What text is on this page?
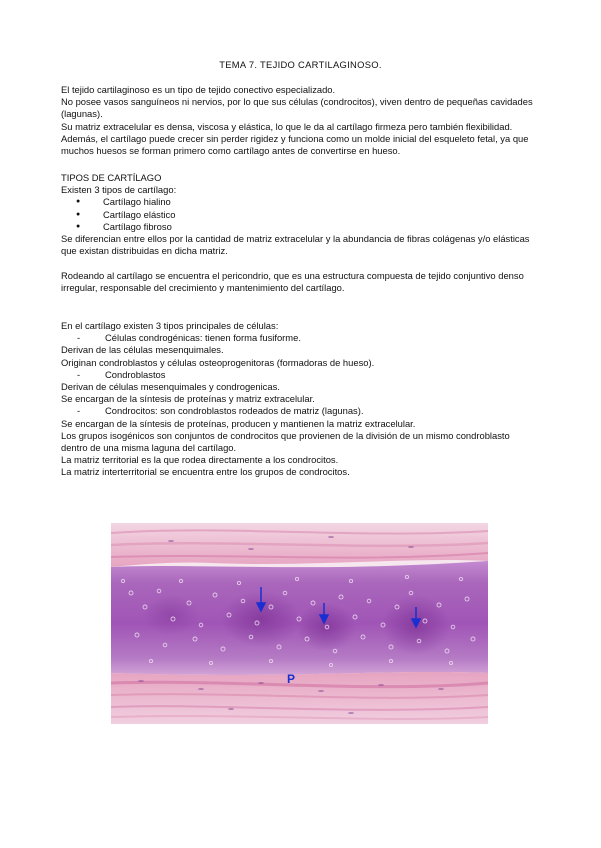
TEMA 7. TEJIDO CARTILAGINOSO.

El tejido cartilaginoso es un tipo de tejido conectivo especializado.

No posee vasos sanguíneos ni nervios, por lo que sus células (condrocitos), viven dentro de pequeñas cavidades

(lagunas).

Su matriz extracelular es densa, viscosa y elástica, lo que le da al cartílago firmeza pero también flexibilidad.

Además, el cartílago puede crecer sin perder rigidez y funciona como un molde inicial del esqueleto fetal, ya que

muchos huesos se forman primero como cartílago antes de convertirse en hueso.

TIPOS DE CARTÍLAGO

Existen 3 tipos de cartílago:

● Cartílago hialino
● Cartílago elástico
● Cartílago fibroso

Se diferencian entre ellos por la cantidad de matriz extracelular y la abundancia de fibras colágenas y/o elásticas

que existan distribuidas en dicha matriz.

Rodeando al cartílago se encuentra el pericondrio, que es una estructura compuesta de tejido conjuntivo denso

irregular, responsable del crecimiento y mantenimiento del cartílago.

En el cartílago existen 3 tipos principales de células:

- Células condrogénicas: tienen forma fusiforme.

Derivan de las células mesenquimales.

Originan condroblastos y células osteoprogenitoras (formadoras de hueso).

- Condroblastos

Derivan de células mesenquimales y condrogenicas.

Se encargan de la síntesis de proteínas y matriz extracelular.

- Condrocitos: son condroblastos rodeados de matriz (lagunas).

Se encargan de la síntesis de proteínas, producen y mantienen la matriz extracelular.

Los grupos isogénicos son conjuntos de condrocitos que provienen de la división de un mismo condroblasto

dentro de una misma laguna del cartílago.

La matriz territorial es la que rodea directamente a los condrocitos.

La matriz interterritorial se encuentra entre los grupos de condrocitos.

P
